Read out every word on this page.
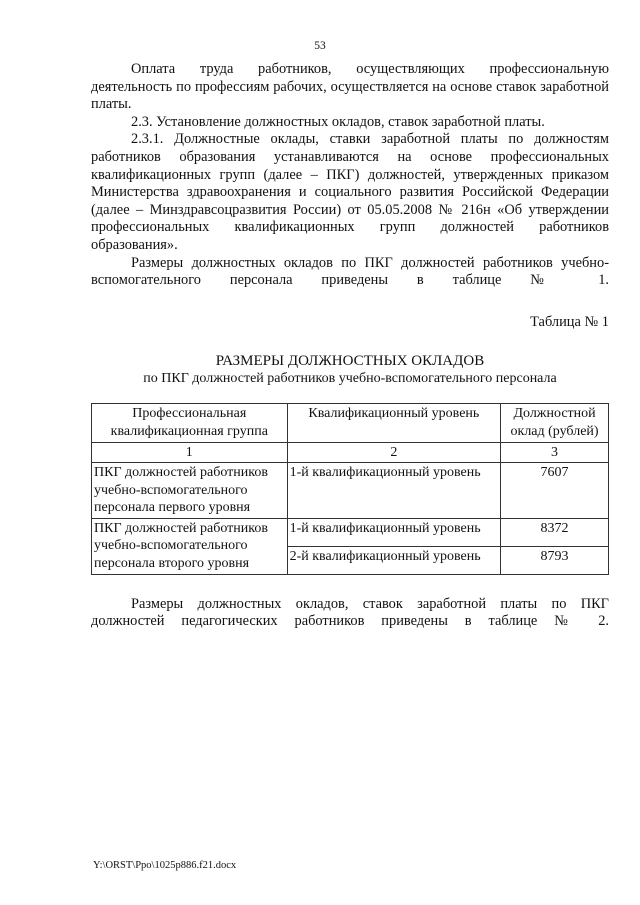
53

Оплата труда работников, осуществляющих профессиональную деятельность по профессиям рабочих, осуществляется на основе ставок заработной платы.

2.3. Установление должностных окладов, ставок заработной платы.

2.3.1. Должностные оклады, ставки заработной платы по должностям работников образования устанавливаются на основе профессиональных квалификационных групп (далее – ПКГ) должностей, утвержденных приказом Министерства здравоохранения и социального развития Российской Федерации (далее – Минздравсоцразвития России) от 05.05.2008 № 216н «Об утверждении профессиональных квалификационных групп должностей работников образования».

Размеры должностных окладов по ПКГ должностей работников учебно-вспомогательного персонала приведены в таблице № 1.

Таблица № 1

РАЗМЕРЫ ДОЛЖНОСТНЫХ ОКЛАДОВ

по ПКГ должностей работников учебно-вспомогательного персонала

Профессиональная квалификационная группа	Квалификационный уровень	Должностной оклад (рублей)
1	2	3
ПКГ должностей работников учебно-вспомогательного персонала первого уровня	1-й квалификационный уровень	7607
ПКГ должностей работников учебно-вспомогательного персонала второго уровня	1-й квалификационный уровень	8372
	2-й квалификационный уровень	8793

Размеры должностных окладов, ставок заработной платы по ПКГ должностей педагогических работников приведены в таблице № 2.

Y:\ORST\Ppo\1025p886.f21.docx
